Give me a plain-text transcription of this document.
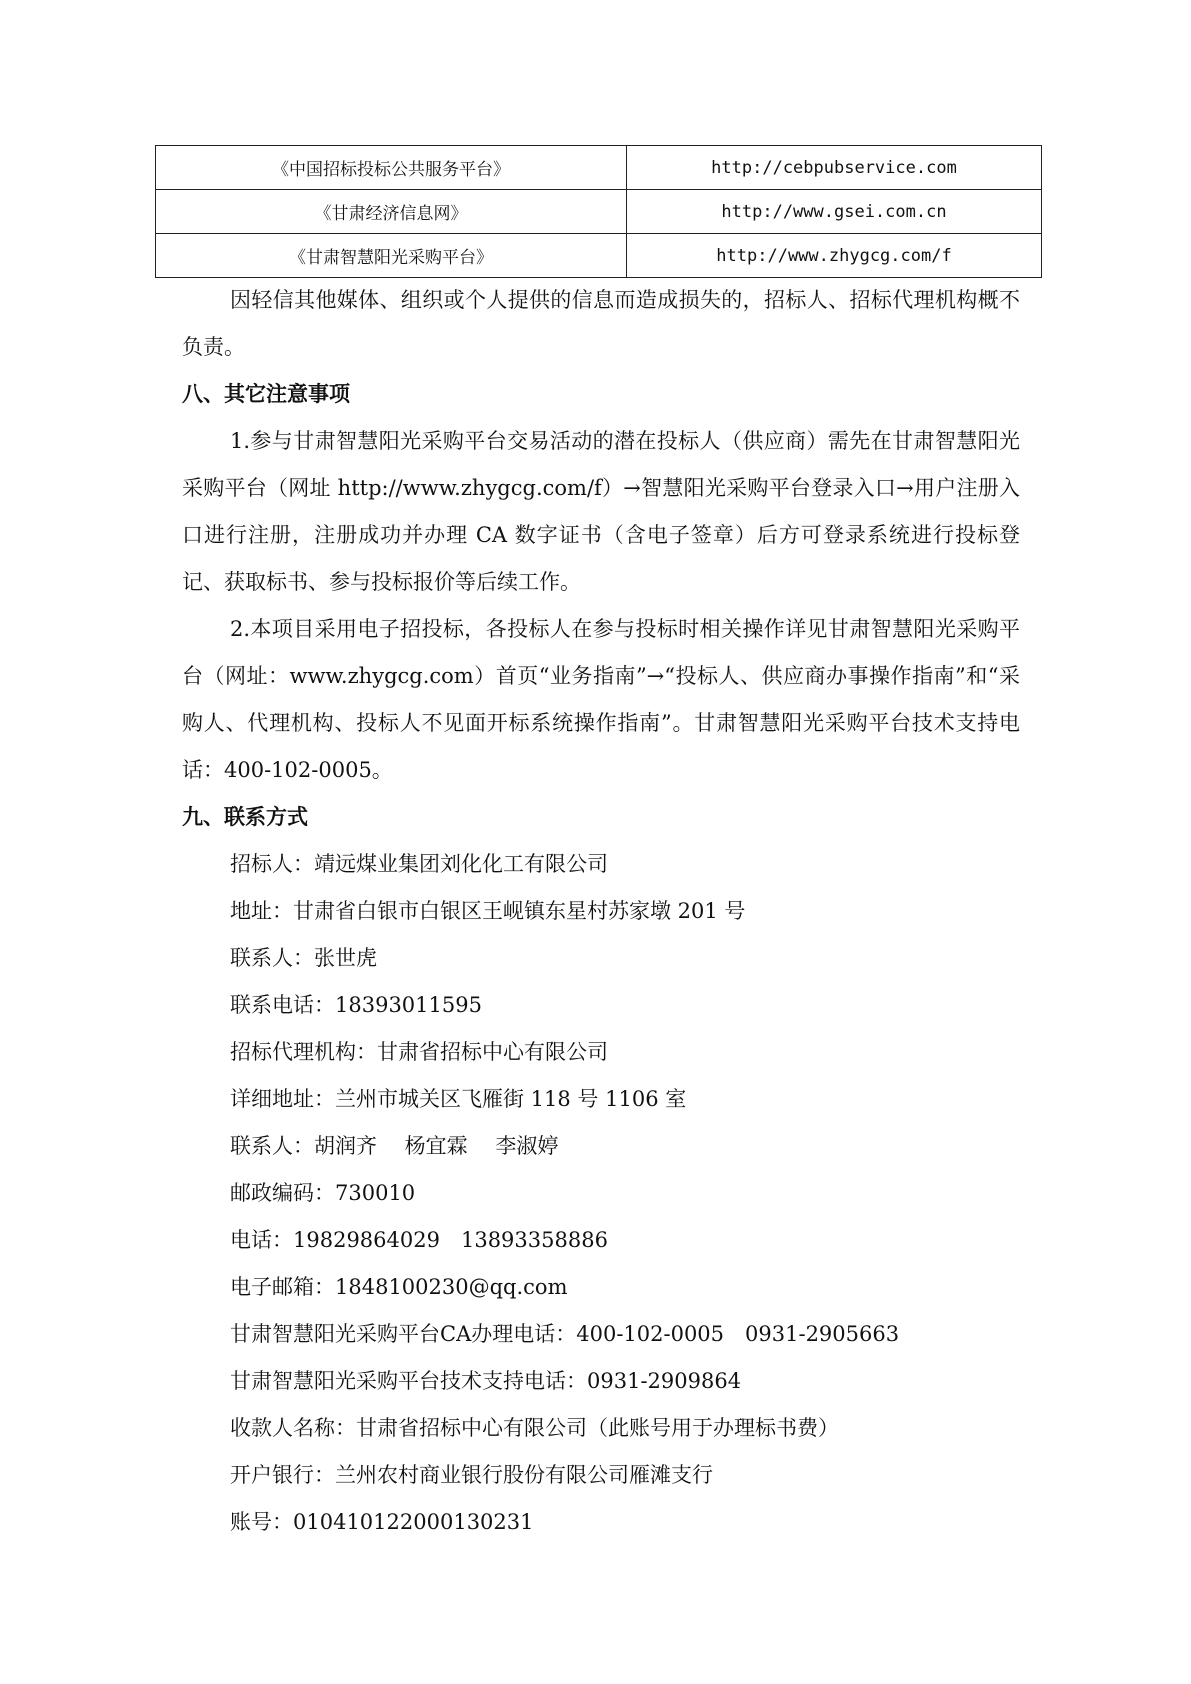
《中国招标投标公共服务平台》	http://cebpubservice.com
《甘肃经济信息网》	http://www.gsei.com.cn
《甘肃智慧阳光采购平台》	http://www.zhygcg.com/f

因轻信其他媒体、组织或个人提供的信息而造成损失的，招标人、招标代理机构概不负责。

八、其它注意事项

1.参与甘肃智慧阳光采购平台交易活动的潜在投标人（供应商）需先在甘肃智慧阳光采购平台（网址 http://www.zhygcg.com/f）→智慧阳光采购平台登录入口→用户注册入口进行注册，注册成功并办理 CA 数字证书（含电子签章）后方可登录系统进行投标登记、获取标书、参与投标报价等后续工作。

2.本项目采用电子招投标，各投标人在参与投标时相关操作详见甘肃智慧阳光采购平台（网址：www.zhygcg.com）首页“业务指南”→“投标人、供应商办事操作指南”和“采购人、代理机构、投标人不见面开标系统操作指南”。甘肃智慧阳光采购平台技术支持电话：400-102-0005。

九、联系方式
招标人：靖远煤业集团刘化化工有限公司
地址：甘肃省白银市白银区王岘镇东星村苏家墩 201 号
联系人：张世虎
联系电话：18393011595
招标代理机构：甘肃省招标中心有限公司
详细地址：兰州市城关区飞雁街 118 号 1106 室
联系人：胡润齐　 杨宜霖　 李淑婷
邮政编码：730010
电话：19829864029　13893358886
电子邮箱：1848100230@qq.com
甘肃智慧阳光采购平台CA办理电话：400-102-0005　0931-2905663
甘肃智慧阳光采购平台技术支持电话：0931-2909864
收款人名称：甘肃省招标中心有限公司（此账号用于办理标书费）
开户银行：兰州农村商业银行股份有限公司雁滩支行
账号：010410122000130231
